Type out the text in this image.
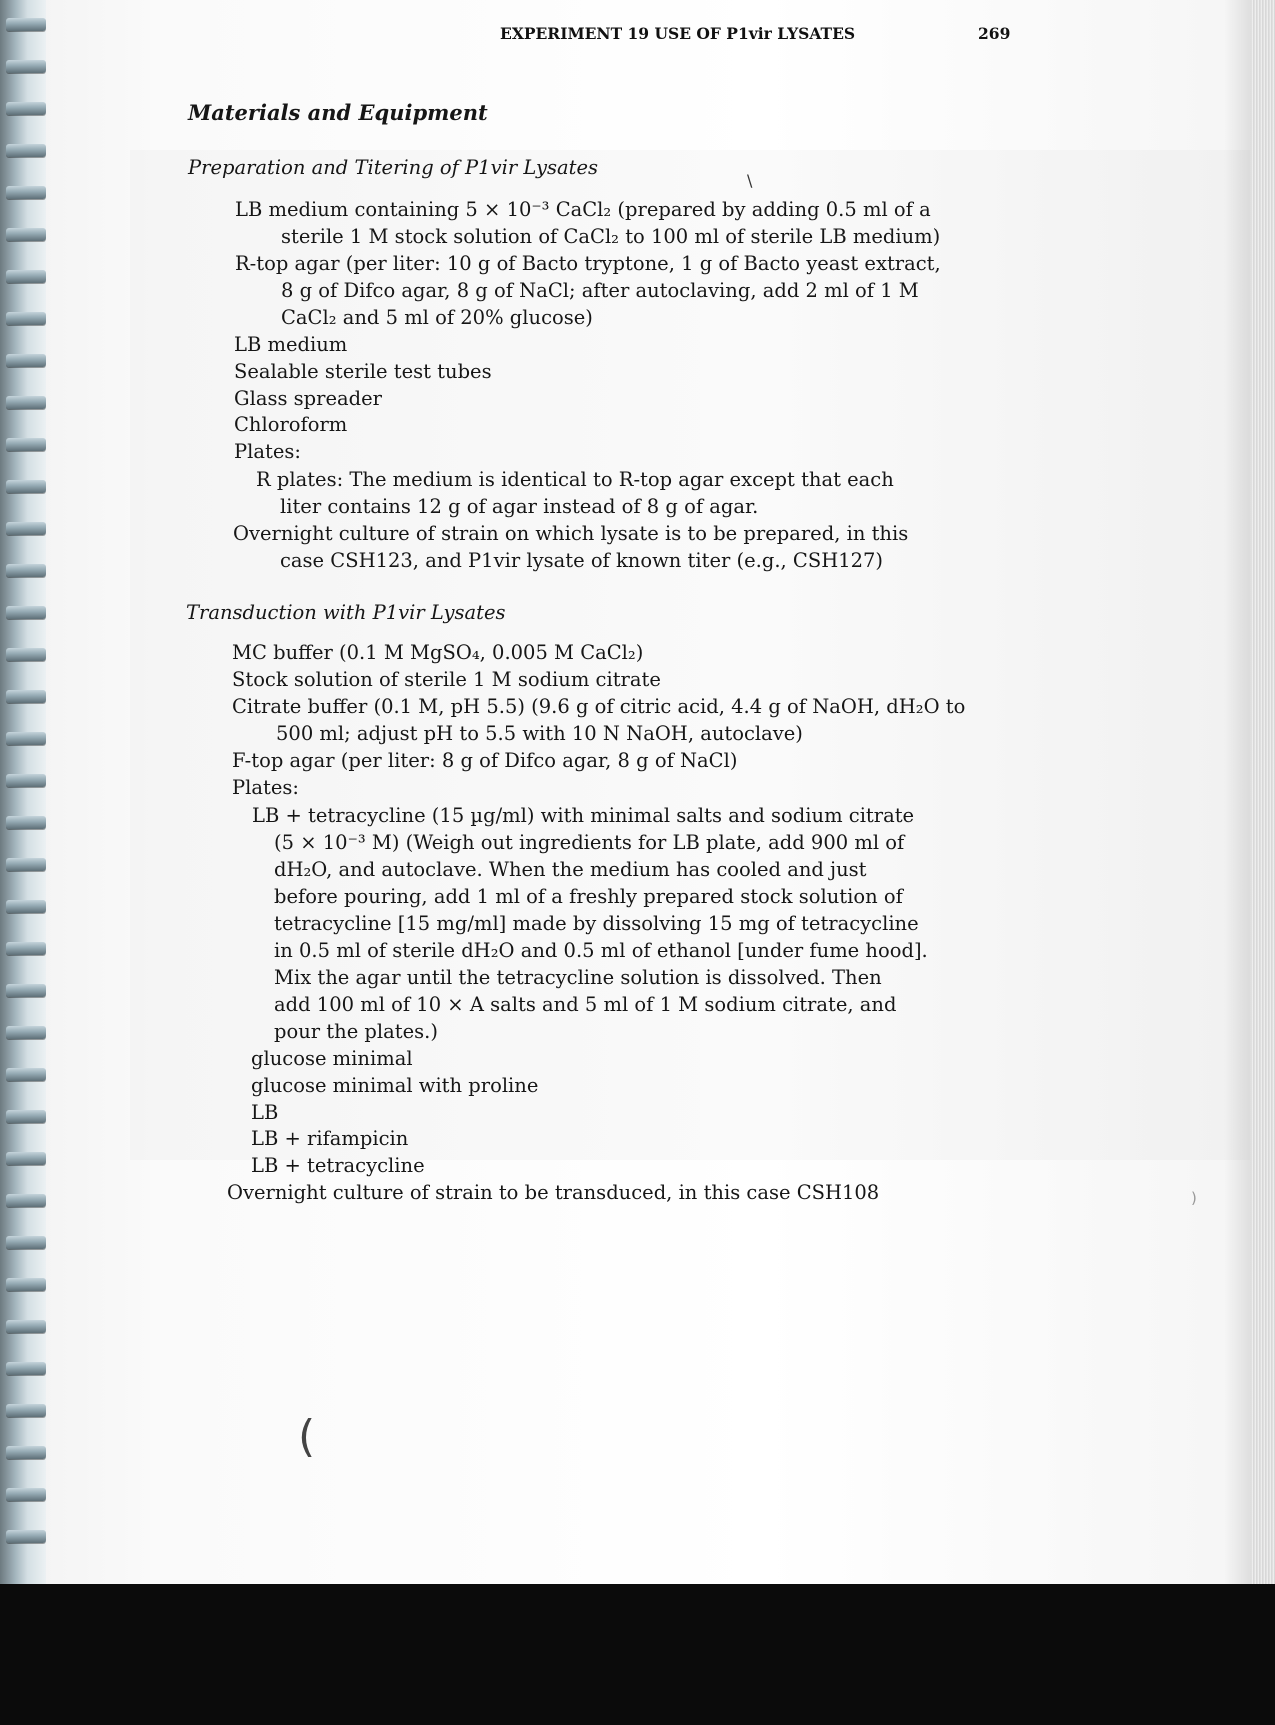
EXPERIMENT 19 USE OF P1vir LYSATES	269
Materials and Equipment
Preparation and Titering of P1vir Lysates
LB medium containing 5 × 10⁻³ CaCl₂ (prepared by adding 0.5 ml of a
sterile 1 M stock solution of CaCl₂ to 100 ml of sterile LB medium)
R-top agar (per liter: 10 g of Bacto tryptone, 1 g of Bacto yeast extract,
8 g of Difco agar, 8 g of NaCl; after autoclaving, add 2 ml of 1 M
CaCl₂ and 5 ml of 20% glucose)
LB medium
Sealable sterile test tubes
Glass spreader
Chloroform
Plates:
R plates: The medium is identical to R-top agar except that each
liter contains 12 g of agar instead of 8 g of agar.
Overnight culture of strain on which lysate is to be prepared, in this
case CSH123, and P1vir lysate of known titer (e.g., CSH127)
Transduction with P1vir Lysates
MC buffer (0.1 M MgSO₄, 0.005 M CaCl₂)
Stock solution of sterile 1 M sodium citrate
Citrate buffer (0.1 M, pH 5.5) (9.6 g of citric acid, 4.4 g of NaOH, dH₂O to
500 ml; adjust pH to 5.5 with 10 N NaOH, autoclave)
F-top agar (per liter: 8 g of Difco agar, 8 g of NaCl)
Plates:
LB + tetracycline (15 µg/ml) with minimal salts and sodium citrate
(5 × 10⁻³ M) (Weigh out ingredients for LB plate, add 900 ml of
dH₂O, and autoclave. When the medium has cooled and just
before pouring, add 1 ml of a freshly prepared stock solution of
tetracycline [15 mg/ml] made by dissolving 15 mg of tetracycline
in 0.5 ml of sterile dH₂O and 0.5 ml of ethanol [under fume hood].
Mix the agar until the tetracycline solution is dissolved. Then
add 100 ml of 10 × A salts and 5 ml of 1 M sodium citrate, and
pour the plates.)
glucose minimal
glucose minimal with proline
LB
LB + rifampicin
LB + tetracycline
Overnight culture of strain to be transduced, in this case CSH108
\
(
)
